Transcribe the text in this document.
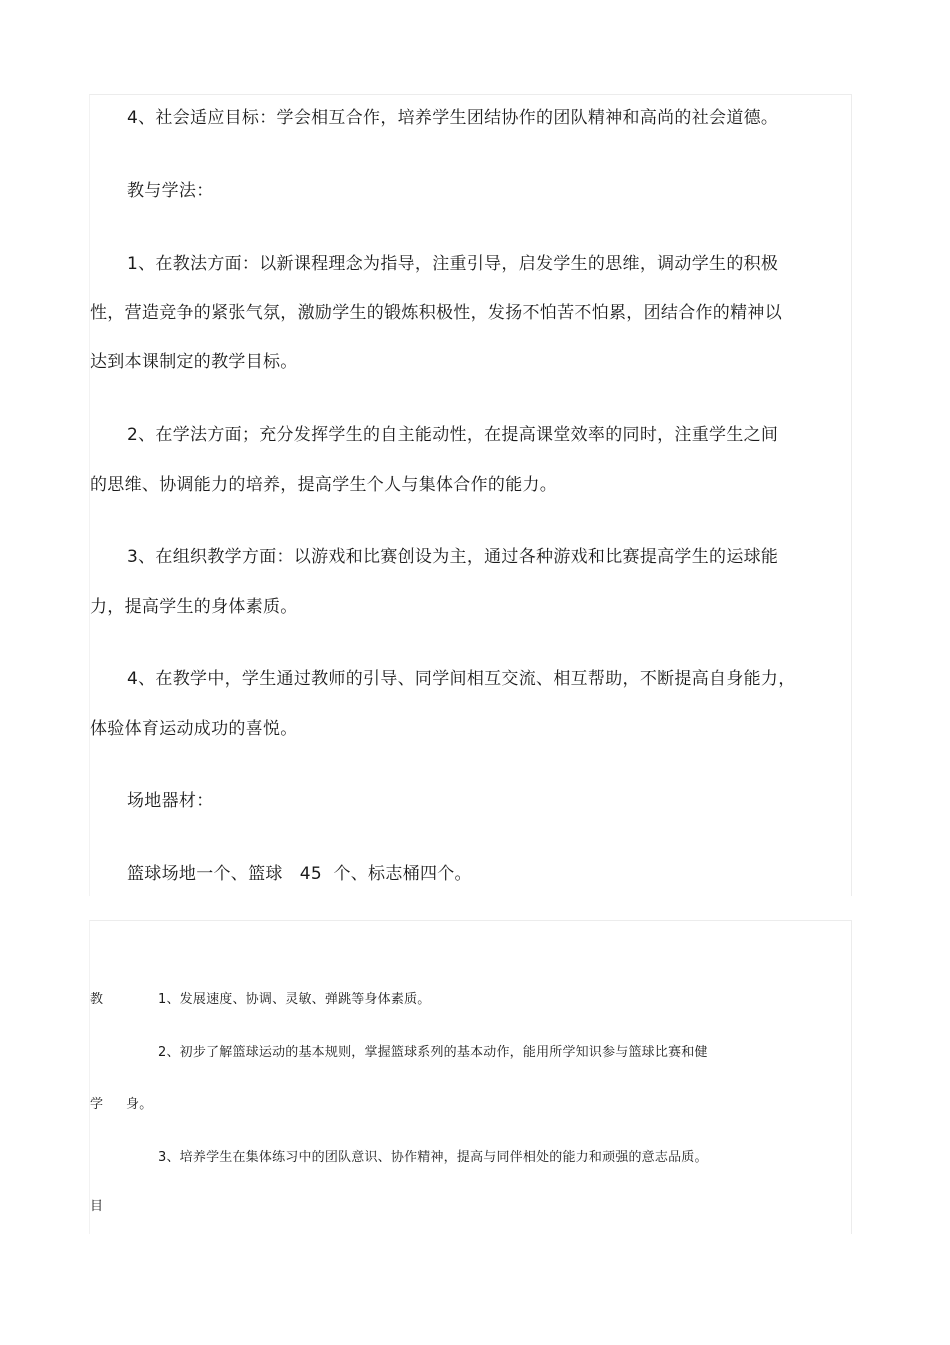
4、社会适应目标：学会相互合作，培养学生团结协作的团队精神和高尚的社会道德。
教与学法：
1、在教法方面：以新课程理念为指导，注重引导，启发学生的思维，调动学生的积极
性，营造竞争的紧张气氛，激励学生的锻炼积极性，发扬不怕苦不怕累，团结合作的精神以
达到本课制定的教学目标。
2、在学法方面；充分发挥学生的自主能动性，在提高课堂效率的同时，注重学生之间
的思维、协调能力的培养，提高学生个人与集体合作的能力。
3、在组织教学方面：以游戏和比赛创设为主，通过各种游戏和比赛提高学生的运球能
力，提高学生的身体素质。
4、在教学中，学生通过教师的引导、同学间相互交流、相互帮助，不断提高自身能力，
体验体育运动成功的喜悦。
场地器材：
篮球场地一个、篮球   45  个、标志桶四个。
教	1、发展速度、协调、灵敏、弹跳等身体素质。
2、初步了解篮球运动的基本规则，掌握篮球系列的基本动作，能用所学知识参与篮球比赛和健
学 身。
3、培养学生在集体练习中的团队意识、协作精神，提高与同伴相处的能力和顽强的意志品质。
目
